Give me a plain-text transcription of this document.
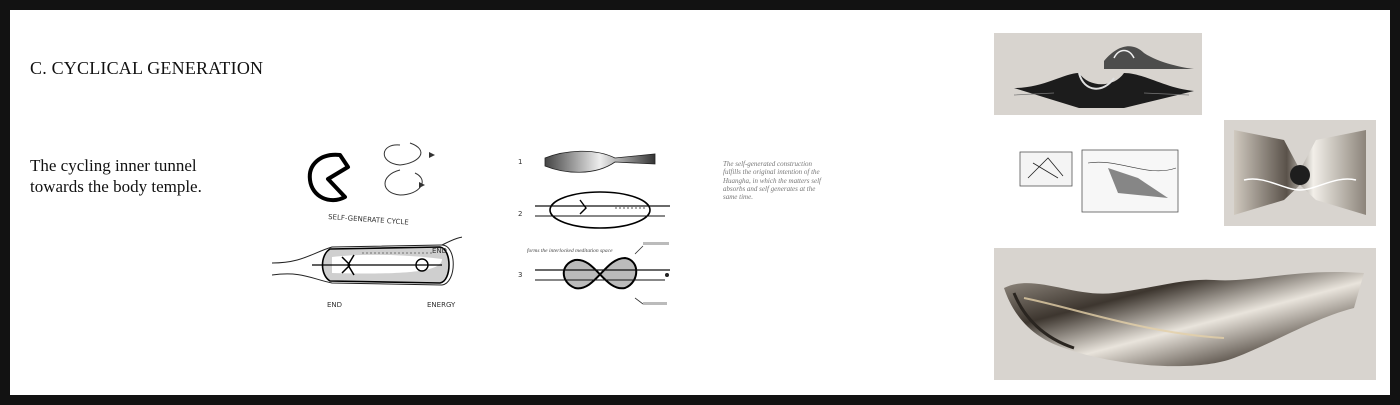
C. CYCLICAL GENERATION
The cycling inner tunnel
towards the body temple.
SELF-GENERATE CYCLE
END	ENERGY
END
1
2
forms the interlocked meditation space
3
The self-generated construction fulfills the original intention of the Huangha, in which the matters self absorbs and self generates at the same time.
